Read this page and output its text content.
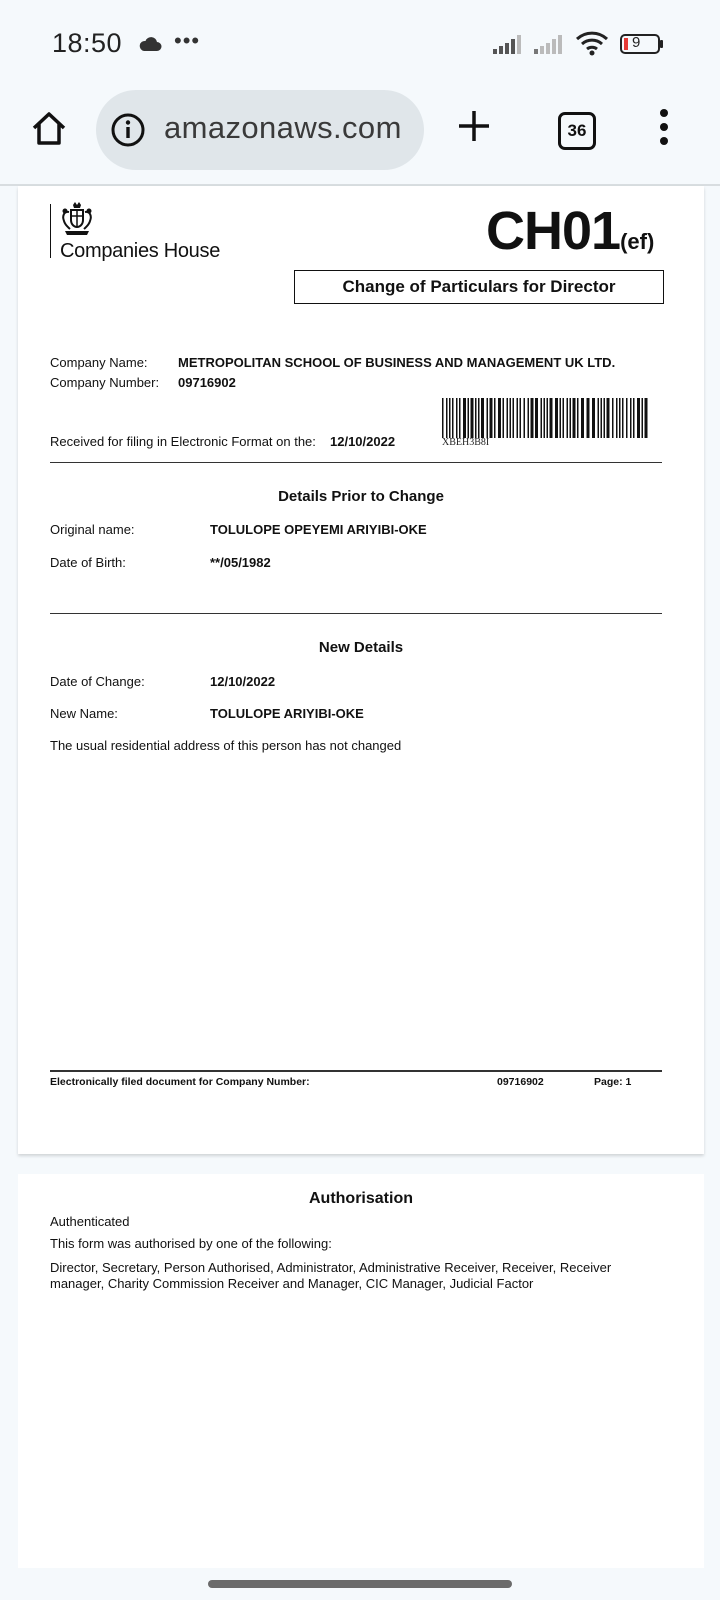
18:50 •••	9
amazonaws.com	36
Companies House	CH01(ef)
Change of Particulars for Director
Company Name: METROPOLITAN SCHOOL OF BUSINESS AND MANAGEMENT UK LTD.
Company Number: 09716902
XBEH3B8I
Received for filing in Electronic Format on the: 12/10/2022
Details Prior to Change
Original name:	TOLULOPE OPEYEMI ARIYIBI-OKE
Date of Birth:	**/05/1982
New Details
Date of Change:	12/10/2022
New Name:	TOLULOPE ARIYIBI-OKE
The usual residential address of this person has not changed
Electronically filed document for Company Number:	09716902	Page: 1
Authorisation
Authenticated
This form was authorised by one of the following:
Director, Secretary, Person Authorised, Administrator, Administrative Receiver, Receiver, Receiver manager, Charity Commission Receiver and Manager, CIC Manager, Judicial Factor
